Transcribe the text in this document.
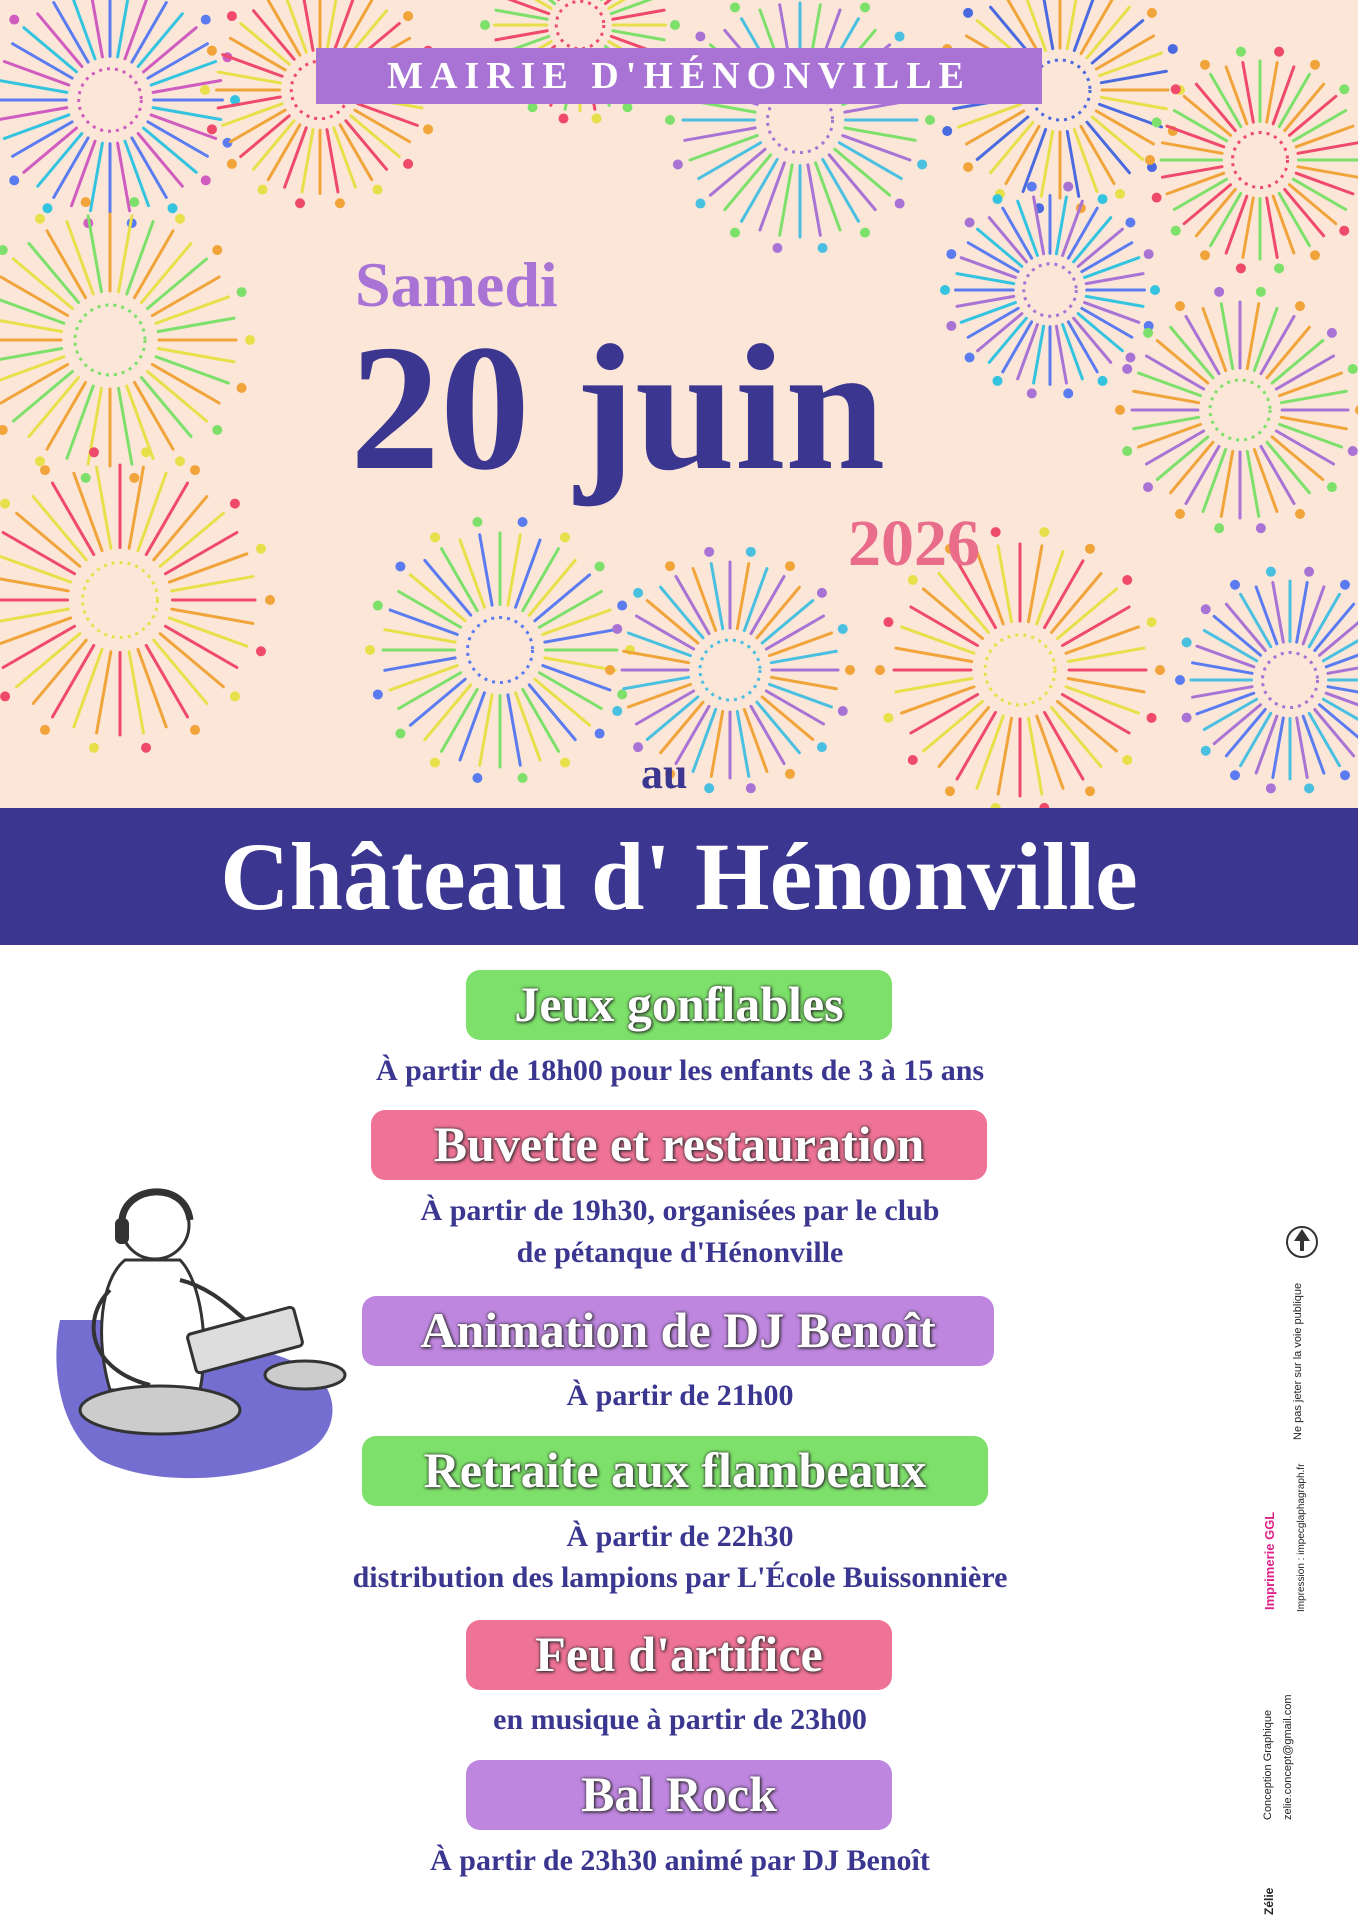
MAIRIE D'HÉNONVILLE
Samedi
20 juin
2026
au
Château d' Hénonville
Jeux gonflables
À partir de 18h00 pour les enfants de 3 à 15 ans
Buvette et restauration
À partir de 19h30, organisées par le club
de pétanque d'Hénonville
Animation de DJ Benoît
À partir de 21h00
Retraite aux flambeaux
À partir de 22h30
distribution des lampions par L'École Buissonnière
Feu d'artifice
en musique à partir de 23h00
Bal Rock
À partir de 23h30 animé par DJ Benoît
Ne pas jeter sur la voie publique
Imprimerie GGL Impression : impecglaphagraph.fr
Conception Graphique zelie.concept@gmail.com
Zélie
